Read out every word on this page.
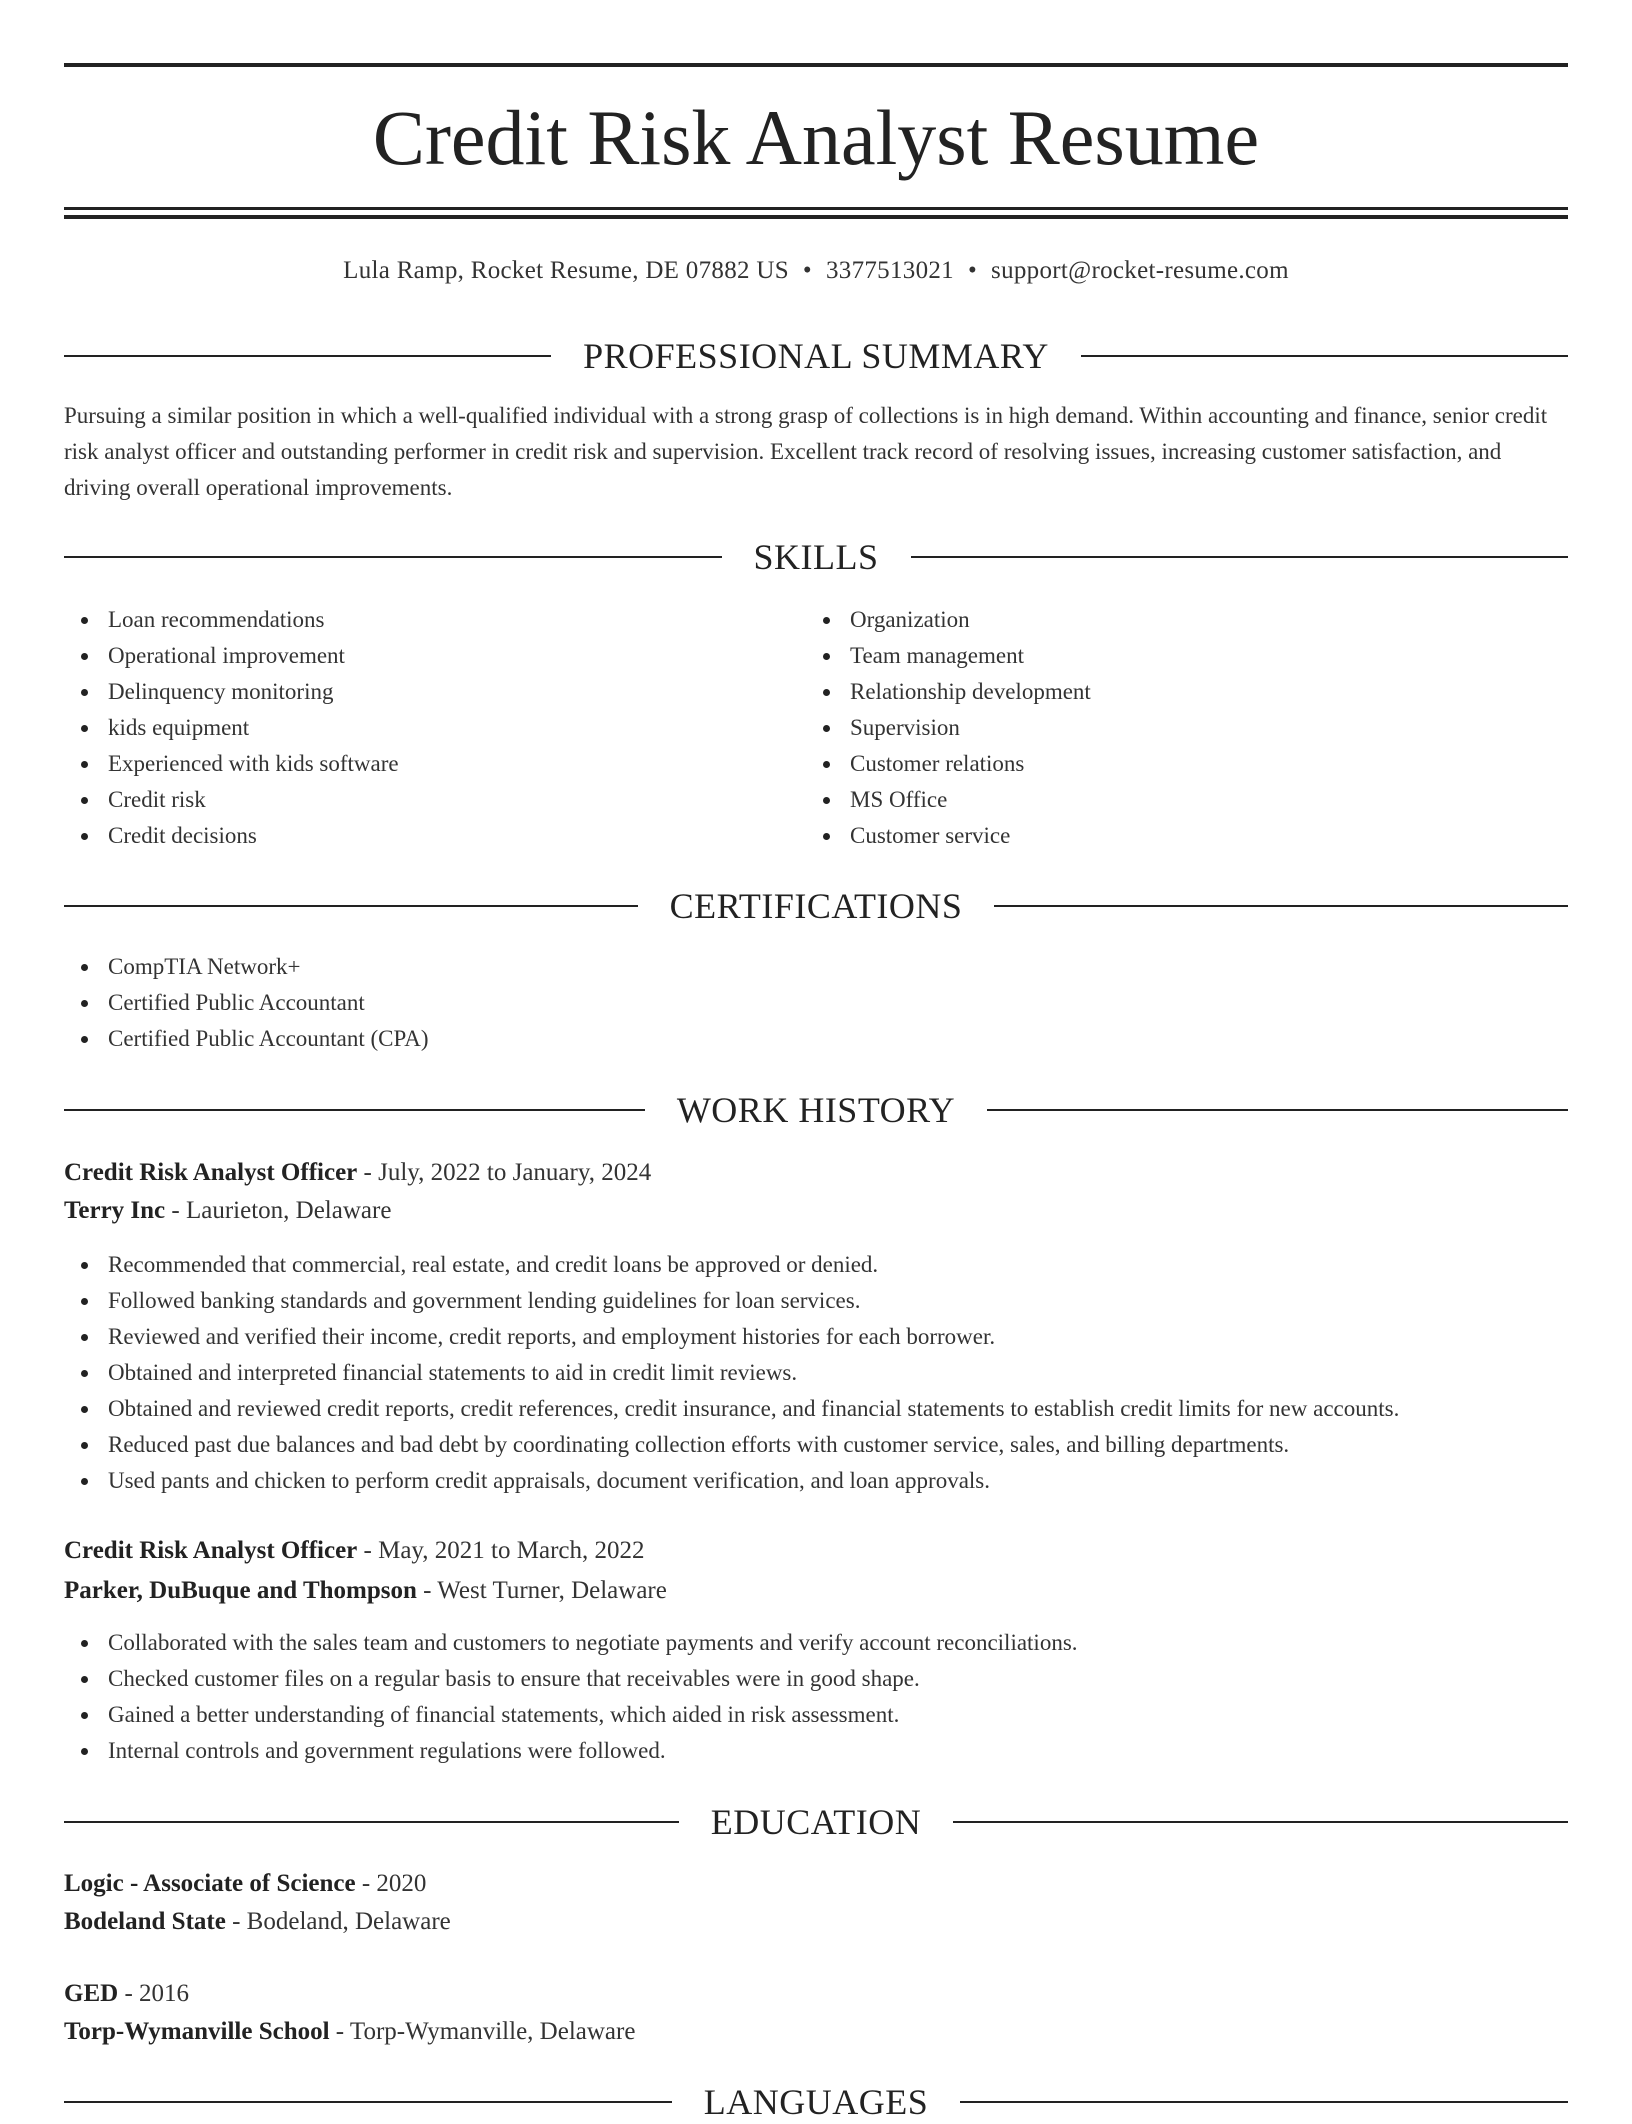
Credit Risk Analyst Resume
Lula Ramp, Rocket Resume, DE 07882 US • 3377513021 • support@rocket-resume.com
PROFESSIONAL SUMMARY

Pursuing a similar position in which a well-qualified individual with a strong grasp of collections is in high demand. Within accounting and finance, senior credit risk analyst officer and outstanding performer in credit risk and supervision. Excellent track record of resolving issues, increasing customer satisfaction, and driving overall operational improvements.

SKILLS
Loan recommendations
Operational improvement
Delinquency monitoring
kids equipment
Experienced with kids software
Credit risk
Credit decisions
Organization
Team management
Relationship development
Supervision
Customer relations
MS Office
Customer service
CERTIFICATIONS
CompTIA Network+
Certified Public Accountant
Certified Public Accountant (CPA)
WORK HISTORY
Credit Risk Analyst Officer - July, 2022 to January, 2024
Terry Inc - Laurieton, Delaware
Recommended that commercial, real estate, and credit loans be approved or denied.
Followed banking standards and government lending guidelines for loan services.
Reviewed and verified their income, credit reports, and employment histories for each borrower.
Obtained and interpreted financial statements to aid in credit limit reviews.
Obtained and reviewed credit reports, credit references, credit insurance, and financial statements to establish credit limits for new accounts.
Reduced past due balances and bad debt by coordinating collection efforts with customer service, sales, and billing departments.
Used pants and chicken to perform credit appraisals, document verification, and loan approvals.
Credit Risk Analyst Officer - May, 2021 to March, 2022
Parker, DuBuque and Thompson - West Turner, Delaware
Collaborated with the sales team and customers to negotiate payments and verify account reconciliations.
Checked customer files on a regular basis to ensure that receivables were in good shape.
Gained a better understanding of financial statements, which aided in risk assessment.
Internal controls and government regulations were followed.
EDUCATION
Logic - Associate of Science - 2020
Bodeland State - Bodeland, Delaware
GED - 2016
Torp-Wymanville School - Torp-Wymanville, Delaware
LANGUAGES
